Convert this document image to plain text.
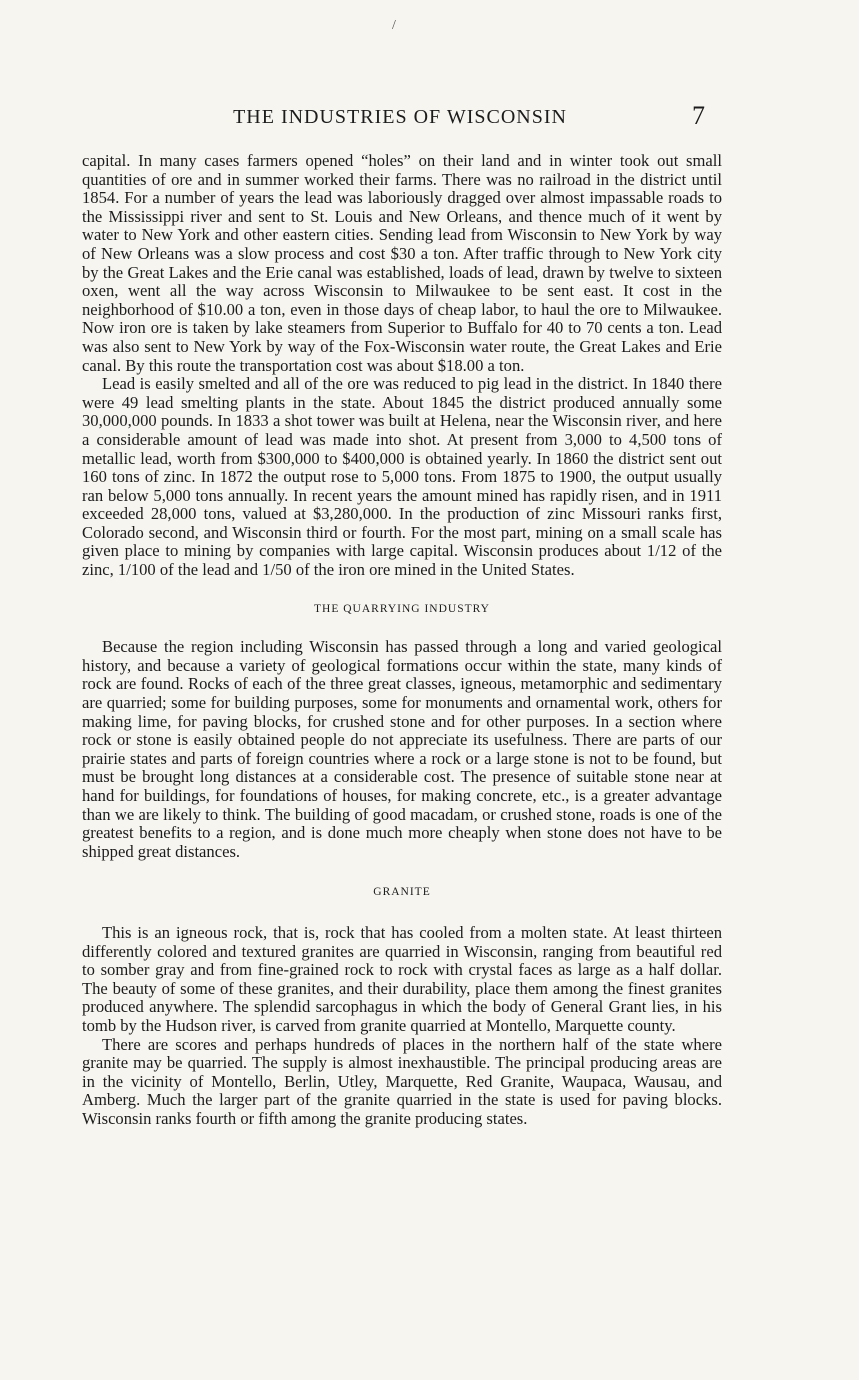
/
THE INDUSTRIES OF WISCONSIN	7

capital. In many cases farmers opened “holes” on their land and in winter took out small quantities of ore and in summer worked their farms. There was no railroad in the district until 1854. For a number of years the lead was laboriously dragged over almost impassable roads to the Mississippi river and sent to St. Louis and New Orleans, and thence much of it went by water to New York and other eastern cities. Sending lead from Wisconsin to New York by way of New Orleans was a slow process and cost $30 a ton. After traffic through to New York city by the Great Lakes and the Erie canal was established, loads of lead, drawn by twelve to sixteen oxen, went all the way across Wisconsin to Milwaukee to be sent east. It cost in the neighborhood of $10.00 a ton, even in those days of cheap labor, to haul the ore to Milwaukee. Now iron ore is taken by lake steamers from Superior to Buffalo for 40 to 70 cents a ton. Lead was also sent to New York by way of the Fox-Wisconsin water route, the Great Lakes and Erie canal. By this route the transportation cost was about $18.00 a ton.

Lead is easily smelted and all of the ore was reduced to pig lead in the district. In 1840 there were 49 lead smelting plants in the state. About 1845 the district produced annually some 30,000,000 pounds. In 1833 a shot tower was built at Helena, near the Wisconsin river, and here a considerable amount of lead was made into shot. At present from 3,000 to 4,500 tons of metallic lead, worth from $300,000 to $400,000 is obtained yearly. In 1860 the district sent out 160 tons of zinc. In 1872 the output rose to 5,000 tons. From 1875 to 1900, the output usually ran below 5,000 tons annually. In recent years the amount mined has rapidly risen, and in 1911 exceeded 28,000 tons, valued at $3,280,000. In the production of zinc Missouri ranks first, Colorado second, and Wisconsin third or fourth. For the most part, mining on a small scale has given place to mining by companies with large capital. Wisconsin produces about 1/12 of the zinc, 1/100 of the lead and 1/50 of the iron ore mined in the United States.

THE QUARRYING INDUSTRY

Because the region including Wisconsin has passed through a long and varied geological history, and because a variety of geological formations occur within the state, many kinds of rock are found. Rocks of each of the three great classes, igneous, metamorphic and sedimentary are quarried; some for building purposes, some for monuments and ornamental work, others for making lime, for paving blocks, for crushed stone and for other purposes. In a section where rock or stone is easily obtained people do not appreciate its usefulness. There are parts of our prairie states and parts of foreign countries where a rock or a large stone is not to be found, but must be brought long distances at a considerable cost. The presence of suitable stone near at hand for buildings, for foundations of houses, for making concrete, etc., is a greater advantage than we are likely to think. The building of good macadam, or crushed stone, roads is one of the greatest benefits to a region, and is done much more cheaply when stone does not have to be shipped great distances.

GRANITE

This is an igneous rock, that is, rock that has cooled from a molten state. At least thirteen differently colored and textured granites are quarried in Wisconsin, ranging from beautiful red to somber gray and from fine-grained rock to rock with crystal faces as large as a half dollar. The beauty of some of these granites, and their durability, place them among the finest granites produced anywhere. The splendid sarcophagus in which the body of General Grant lies, in his tomb by the Hudson river, is carved from granite quarried at Montello, Marquette county.

There are scores and perhaps hundreds of places in the northern half of the state where granite may be quarried. The supply is almost inexhaustible. The principal producing areas are in the vicinity of Montello, Berlin, Utley, Marquette, Red Granite, Waupaca, Wausau, and Amberg. Much the larger part of the granite quarried in the state is used for paving blocks. Wisconsin ranks fourth or fifth among the granite producing states.
